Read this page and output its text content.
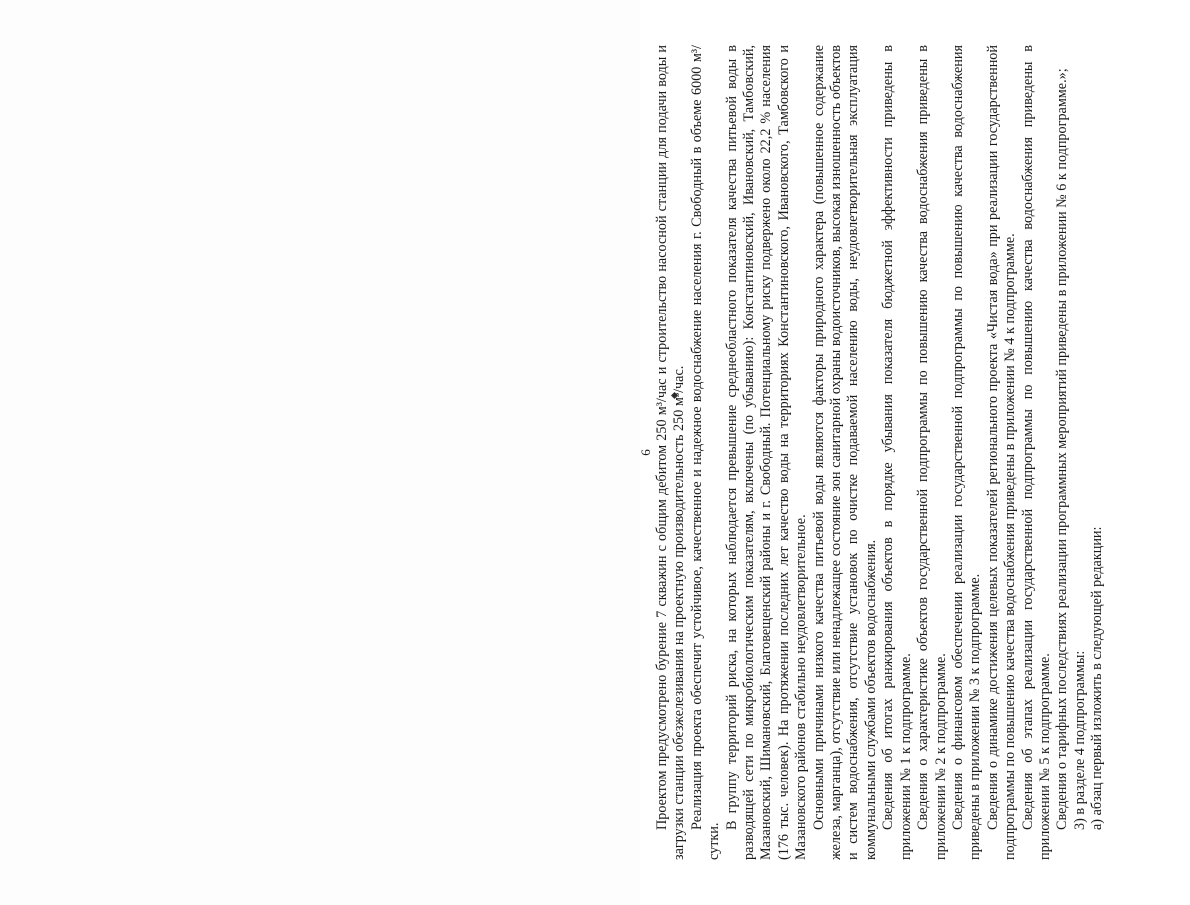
6 Проектом предусмотрено бурение 7 скважин с общим дебитом 250 м³/час и строительство насосной станции для подачи воды и загрузки станции обезжелезивания на проектную производительность 250 м³/час. Реализация проекта обеспечит устойчивое, качественное и надежное водоснабжение населения г. Свободный в объеме 6000 м³/сутки.

В группу территорий риска, на которых наблюдается превышение среднеобластного показателя качества питьевой воды в разводящей сети по микробиологическим показателям, включены (по убыванию): Константиновский, Ивановский, Тамбовский, Мазановский, Шимановский, Благовещенский районы и г. Свободный. Потенциальному риску подвержено около 22,2 % населения (176 тыс. человек). На протяжении последних лет качество воды на территориях Константиновского, Ивановского, Тамбовского и Мазановского районов стабильно неудовлетворительное. Основными причинами низкого качества питьевой воды являются факторы природного характера (повышенное содержание железа, марганца), отсутствие или ненадлежащее состояние зон санитарной охраны водоисточников, высокая изношенность объектов и систем водоснабжения, отсутствие установок по очистке подаваемой населению воды, неудовлетворительная эксплуатация коммунальными службами объектов водоснабжения. Сведения об итогах ранжирования объектов в порядке убывания показателя бюджетной эффективности приведены в приложении № 1 к подпрограмме. Сведения о характеристике объектов государственной подпрограммы по повышению качества водоснабжения приведены в приложении № 2 к подпрограмме. Сведения о финансовом обеспечении реализации государственной подпрограммы по повышению качества водоснабжения приведены в приложении № 3 к подпрограмме. Сведения о динамике достижения целевых показателей регионального проекта «Чистая вода» при реализации государственной подпрограммы по повышению качества водоснабжения приведены в приложении № 4 к подпрограмме. Сведения об этапах реализации государственной подпрограммы по повышению качества водоснабжения приведены в приложении № 5 к подпрограмме. Сведения о тарифных последствиях реализации программных мероприятий приведены в приложении № 6 к подпрограмме.»; 3) в разделе 4 подпрограммы: а) абзац первый изложить в следующей редакции:
